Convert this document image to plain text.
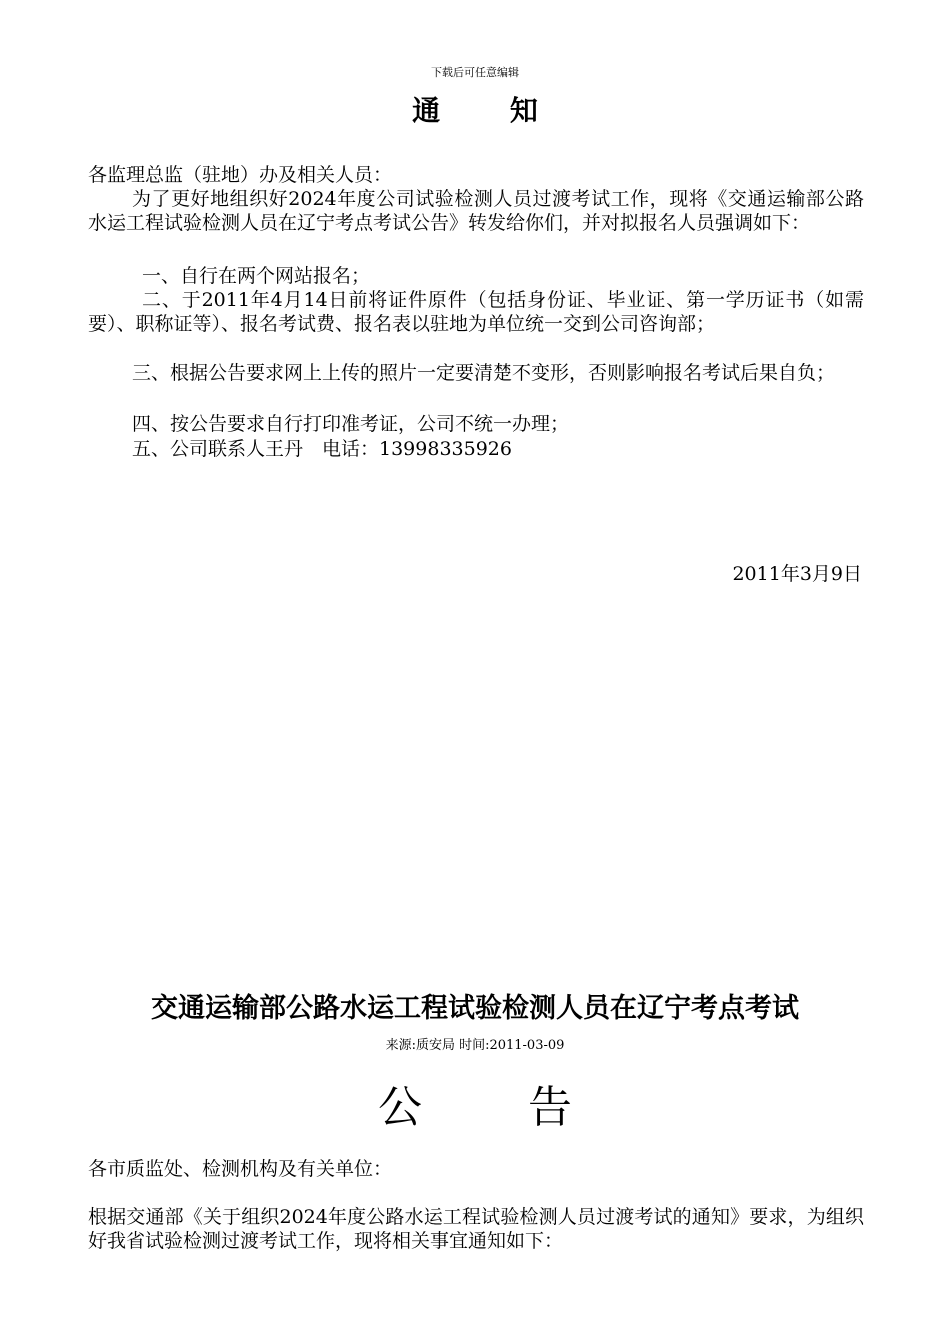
下载后可任意编辑
通 知

各监理总监（驻地）办及相关人员：

为了更好地组织好2024年度公司试验检测人员过渡考试工作，现将《交通运输部公路水运工程试验检测人员在辽宁考点考试公告》转发给你们，并对拟报名人员强调如下：

一、自行在两个网站报名；

二、于2011年4月14日前将证件原件（包括身份证、毕业证、第一学历证书（如需要）、职称证等）、报名考试费、报名表以驻地为单位统一交到公司咨询部；

三、根据公告要求网上上传的照片一定要清楚不变形，否则影响报名考试后果自负；

四、按公告要求自行打印准考证，公司不统一办理；

五、公司联系人王丹　电话：13998335926

2011年3月9日
交通运输部公路水运工程试验检测人员在辽宁考点考试
来源:质安局 时间:2011-03-09
公 告

各市质监处、检测机构及有关单位：

根据交通部《关于组织2024年度公路水运工程试验检测人员过渡考试的通知》要求，为组织好我省试验检测过渡考试工作，现将相关事宜通知如下：
